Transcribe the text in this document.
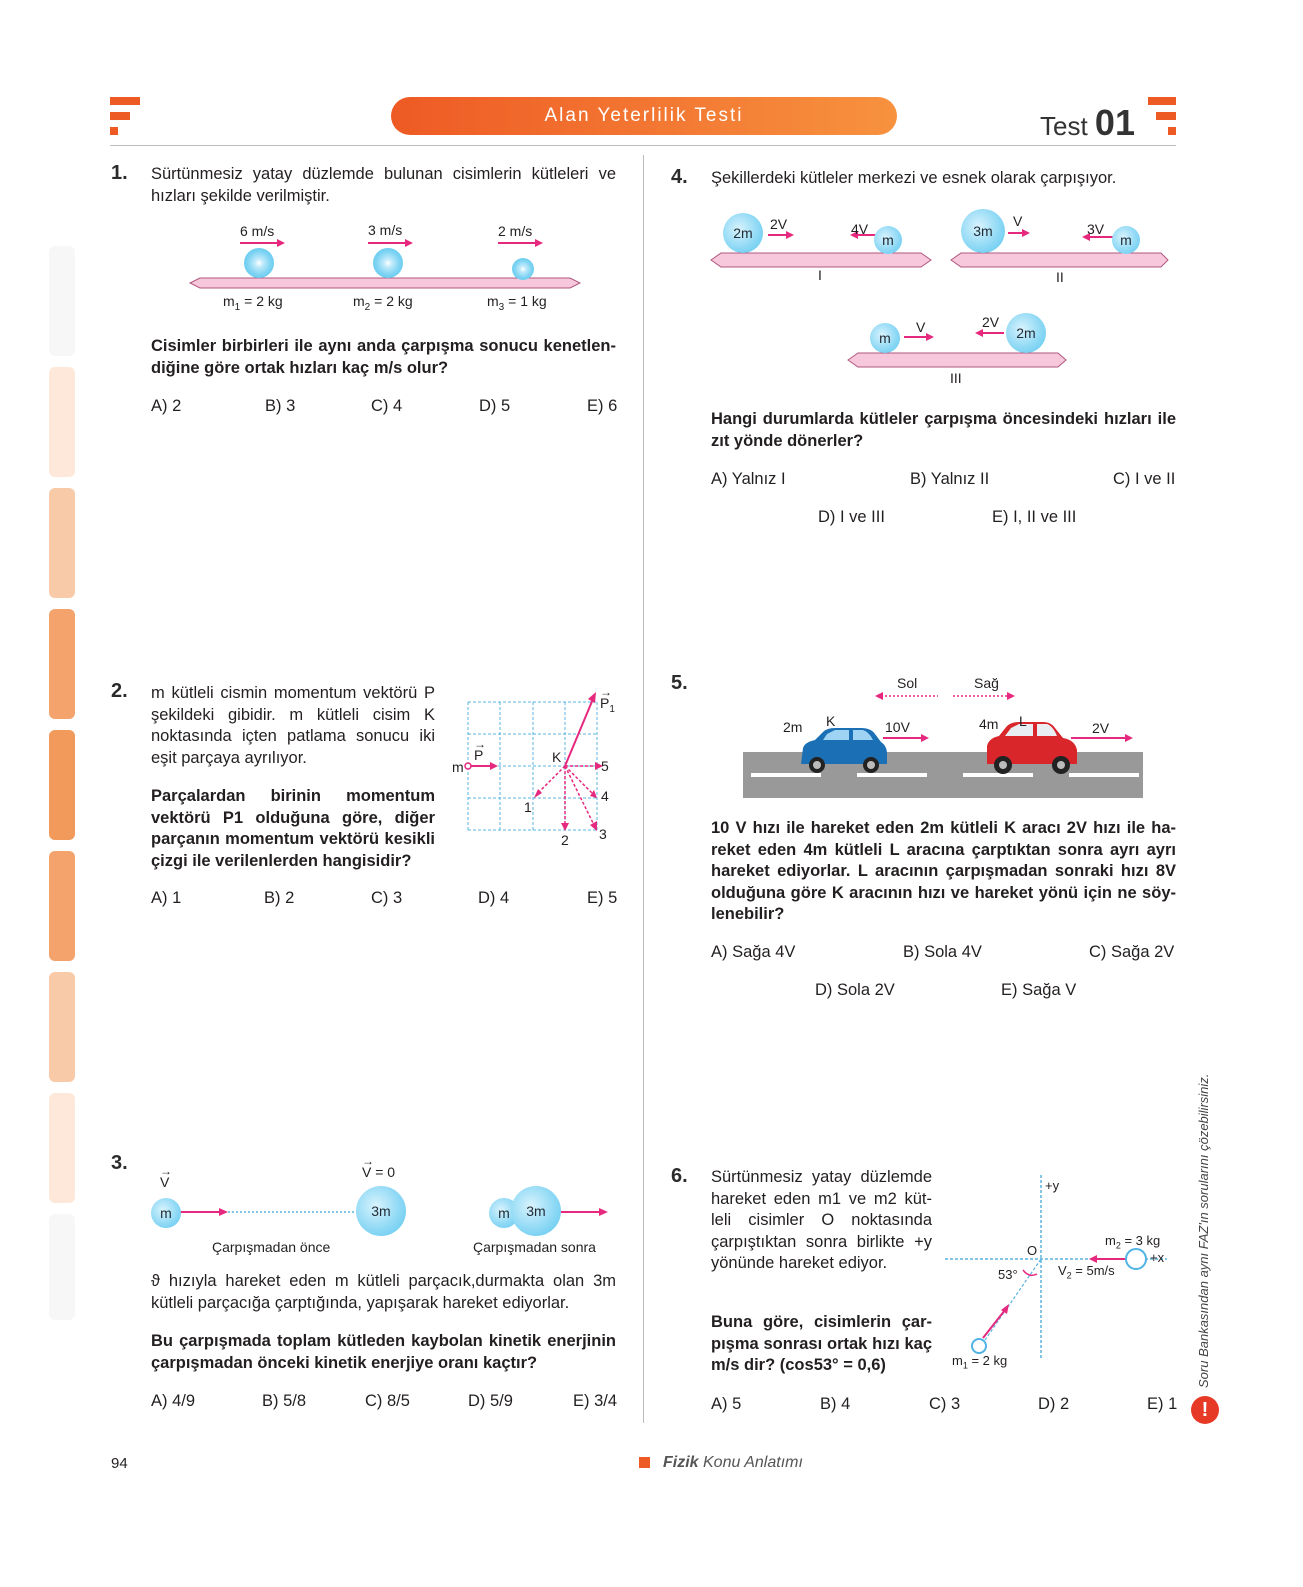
Alan Yeterlilik Testi	Test 01
1. Sürtünmesiz yatay düzlemde bulunan cisimlerin kütleleri ve hızları şekilde verilmiştir.
6 m/s	3 m/s	2 m/s
$m_1 = 2$ kg	$m_2 = 2$ kg	$m_3 = 1$ kg
Cisimler birbirleri ile aynı anda çarpışma sonucu kenetlen-diğine göre ortak hızları kaç m/s olur?
A) 2	B) 3	C) 4	D) 5	E) 6
2. m kütleli cismin momentum vektörü P şekildeki gibidir. m kütleli cisim K noktasında içten patlama sonucu iki eşit parçaya ayrılıyor.
Parçalardan birinin momentum vektörü P1 olduğuna göre, diğer parçanın momentum vektörü kesikli çizgi ile verilenlerden hangisidir?
m
→
P	K
→
$P_1$
1
2 3
4
5
A) 1	B) 2	C) 3	D) 4	E) 5
3.
m	3m	m 3m
→
V
→
V = 0
Çarpışmadan önce	Çarpışmadan sonra
ϑ hızıyla hareket eden m kütleli parçacık,durmakta olan 3m kütleli parçacığa çarptığında, yapışarak hareket ediyorlar.
Bu çarpışmada toplam kütleden kaybolan kinetik enerjinin çarpışmadan önceki kinetik enerjiye oranı kaçtır?
A) 4/9	B) 5/8	C) 8/5	D) 5/9	E) 3/4
4. Şekillerdeki kütleler merkezi ve esnek olarak çarpışıyor.
2m
2V	4V
m
I
3m
V	3V
m
II
m
V	2V
2m
III
Hangi durumlarda kütleler çarpışma öncesindeki hızları ile zıt yönde dönerler?
A) Yalnız I	B) Yalnız II	C) I ve II
D) I ve III	E) I, II ve III
5.	Sol	Sağ
2m K	10V	4m L	2V
10 V hızı ile hareket eden 2m kütleli K aracı 2V hızı ile ha-reket eden 4m kütleli L aracına çarptıktan sonra ayrı ayrı hareket ediyorlar. L aracının çarpışmadan sonraki hızı 8V olduğuna göre K aracının hızı ve hareket yönü için ne söy-lenebilir?
A) Sağa 4V	B) Sola 4V	C) Sağa 2V
D) Sola 2V	E) Sağa V
6. Sürtünmesiz yatay düzlemde hareket eden m1 ve m2 küt-leli cisimler O noktasında çarpıştıktan sonra birlikte +y yönünde hareket ediyor.
Buna göre, cisimlerin çar-pışma sonrası ortak hızı kaç m/s dir? (cos53° = 0,6)
+y
+x
O
53°
$m_2 = 3$ kg
$V_2 = 5m/s$
$m_1 = 2$ kg
A) 5	B) 4	C) 3	D) 2	E) 1
Soru Bankasından aynı FAZ'ın sorularını çözebilirsiniz.
!
94	Fizik Konu Anlatımı
